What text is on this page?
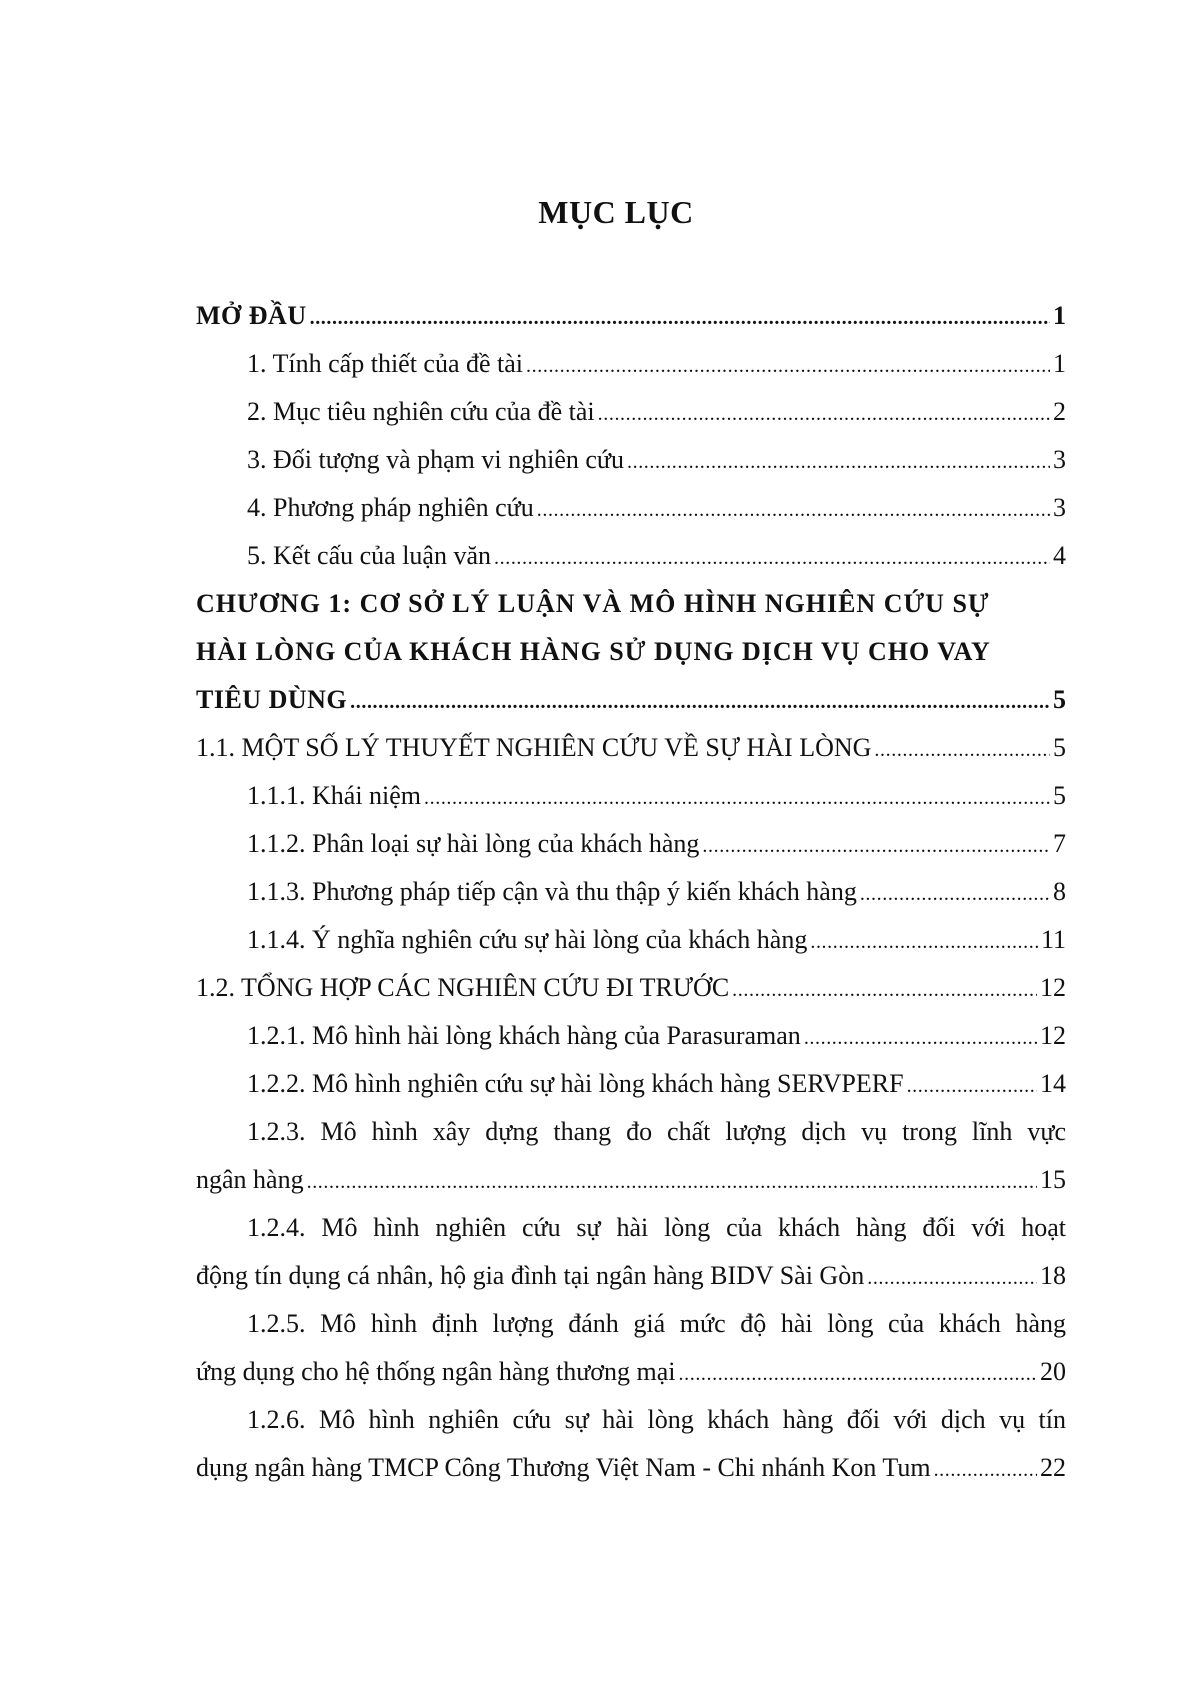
MỤC LỤC
MỞ ĐẦU .....	1
1. Tính cấp thiết của đề tài .....	1
2. Mục tiêu nghiên cứu của đề tài .....	2
3. Đối tượng và phạm vi nghiên cứu .....	3
4. Phương pháp nghiên cứu .....	3
5. Kết cấu của luận văn .....	4
CHƯƠNG 1: CƠ SỞ LÝ LUẬN VÀ MÔ HÌNH NGHIÊN CỨU SỰ
HÀI LÒNG CỦA KHÁCH HÀNG SỬ DỤNG DỊCH VỤ CHO VAY
TIÊU DÙNG .....	5
1.1. MỘT SỐ LÝ THUYẾT NGHIÊN CỨU VỀ SỰ HÀI LÒNG .....	5
1.1.1. Khái niệm .....	5
1.1.2. Phân loại sự hài lòng của khách hàng .....	7
1.1.3. Phương pháp tiếp cận và thu thập ý kiến khách hàng .....	8
1.1.4. Ý nghĩa nghiên cứu sự hài lòng của khách hàng .....	11
1.2. TỔNG HỢP CÁC NGHIÊN CỨU ĐI TRƯỚC .....	12
1.2.1. Mô hình hài lòng khách hàng của Parasuraman .....	12
1.2.2. Mô hình nghiên cứu sự hài lòng khách hàng SERVPERF .....	14
1.2.3. Mô hình xây dựng thang đo chất lượng dịch vụ trong lĩnh vực
ngân hàng .....	15
1.2.4. Mô hình nghiên cứu sự hài lòng của khách hàng đối với hoạt
động tín dụng cá nhân, hộ gia đình tại ngân hàng BIDV Sài Gòn .....	18
1.2.5. Mô hình định lượng đánh giá mức độ hài lòng của khách hàng
ứng dụng cho hệ thống ngân hàng thương mại .....	20
1.2.6. Mô hình nghiên cứu sự hài lòng khách hàng đối với dịch vụ tín
dụng ngân hàng TMCP Công Thương Việt Nam - Chi nhánh Kon Tum .....	22
